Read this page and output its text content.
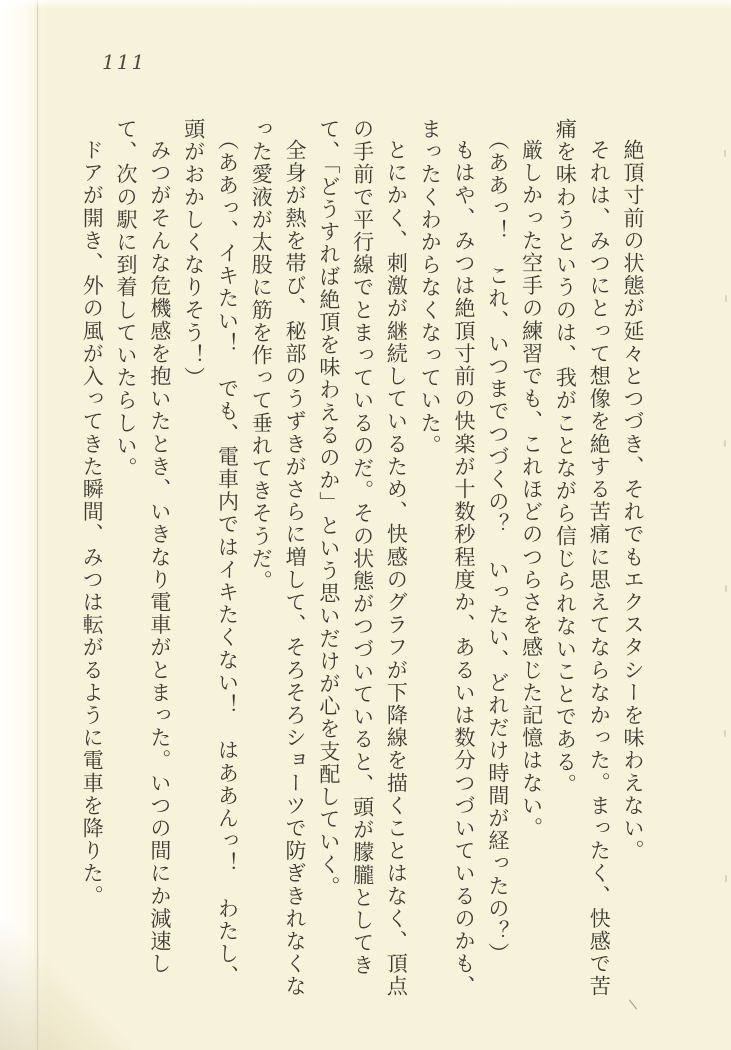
111

絶頂寸前の状態が延々とつづき、それでもエクスタシーを味わえない。

それは、みつにとって想像を絶する苦痛に思えてならなかった。まったく、快感で苦痛を味わうというのは、我がことながら信じられないことである。

厳しかった空手の練習でも、これほどのつらさを感じた記憶はない。

（ああっ！　これ、いつまでつづくの？　いったい、どれだけ時間が経ったの？）

もはや、みつは絶頂寸前の快楽が十数秒程度か、あるいは数分つづいているのかも、まったくわからなくなっていた。

とにかく、刺激が継続しているため、快感のグラフが下降線を描くことはなく、頂点の手前で平行線でとまっているのだ。その状態がつづいていると、頭が朦朧としてきて、「どうすれば絶頂を味わえるのか」という思いだけが心を支配していく。

全身が熱を帯び、秘部のうずきがさらに増して、そろそろショーツで防ぎきれなくなった愛液が太股に筋を作って垂れてきそうだ。

（ああっ、イキたい！　でも、電車内ではイキたくない！　はああんっ！　わたし、頭がおかしくなりそう！）

みつがそんな危機感を抱いたとき、いきなり電車がとまった。いつの間にか減速して、次の駅に到着していたらしい。

ドアが開き、外の風が入ってきた瞬間、みつは転がるように電車を降りた。
